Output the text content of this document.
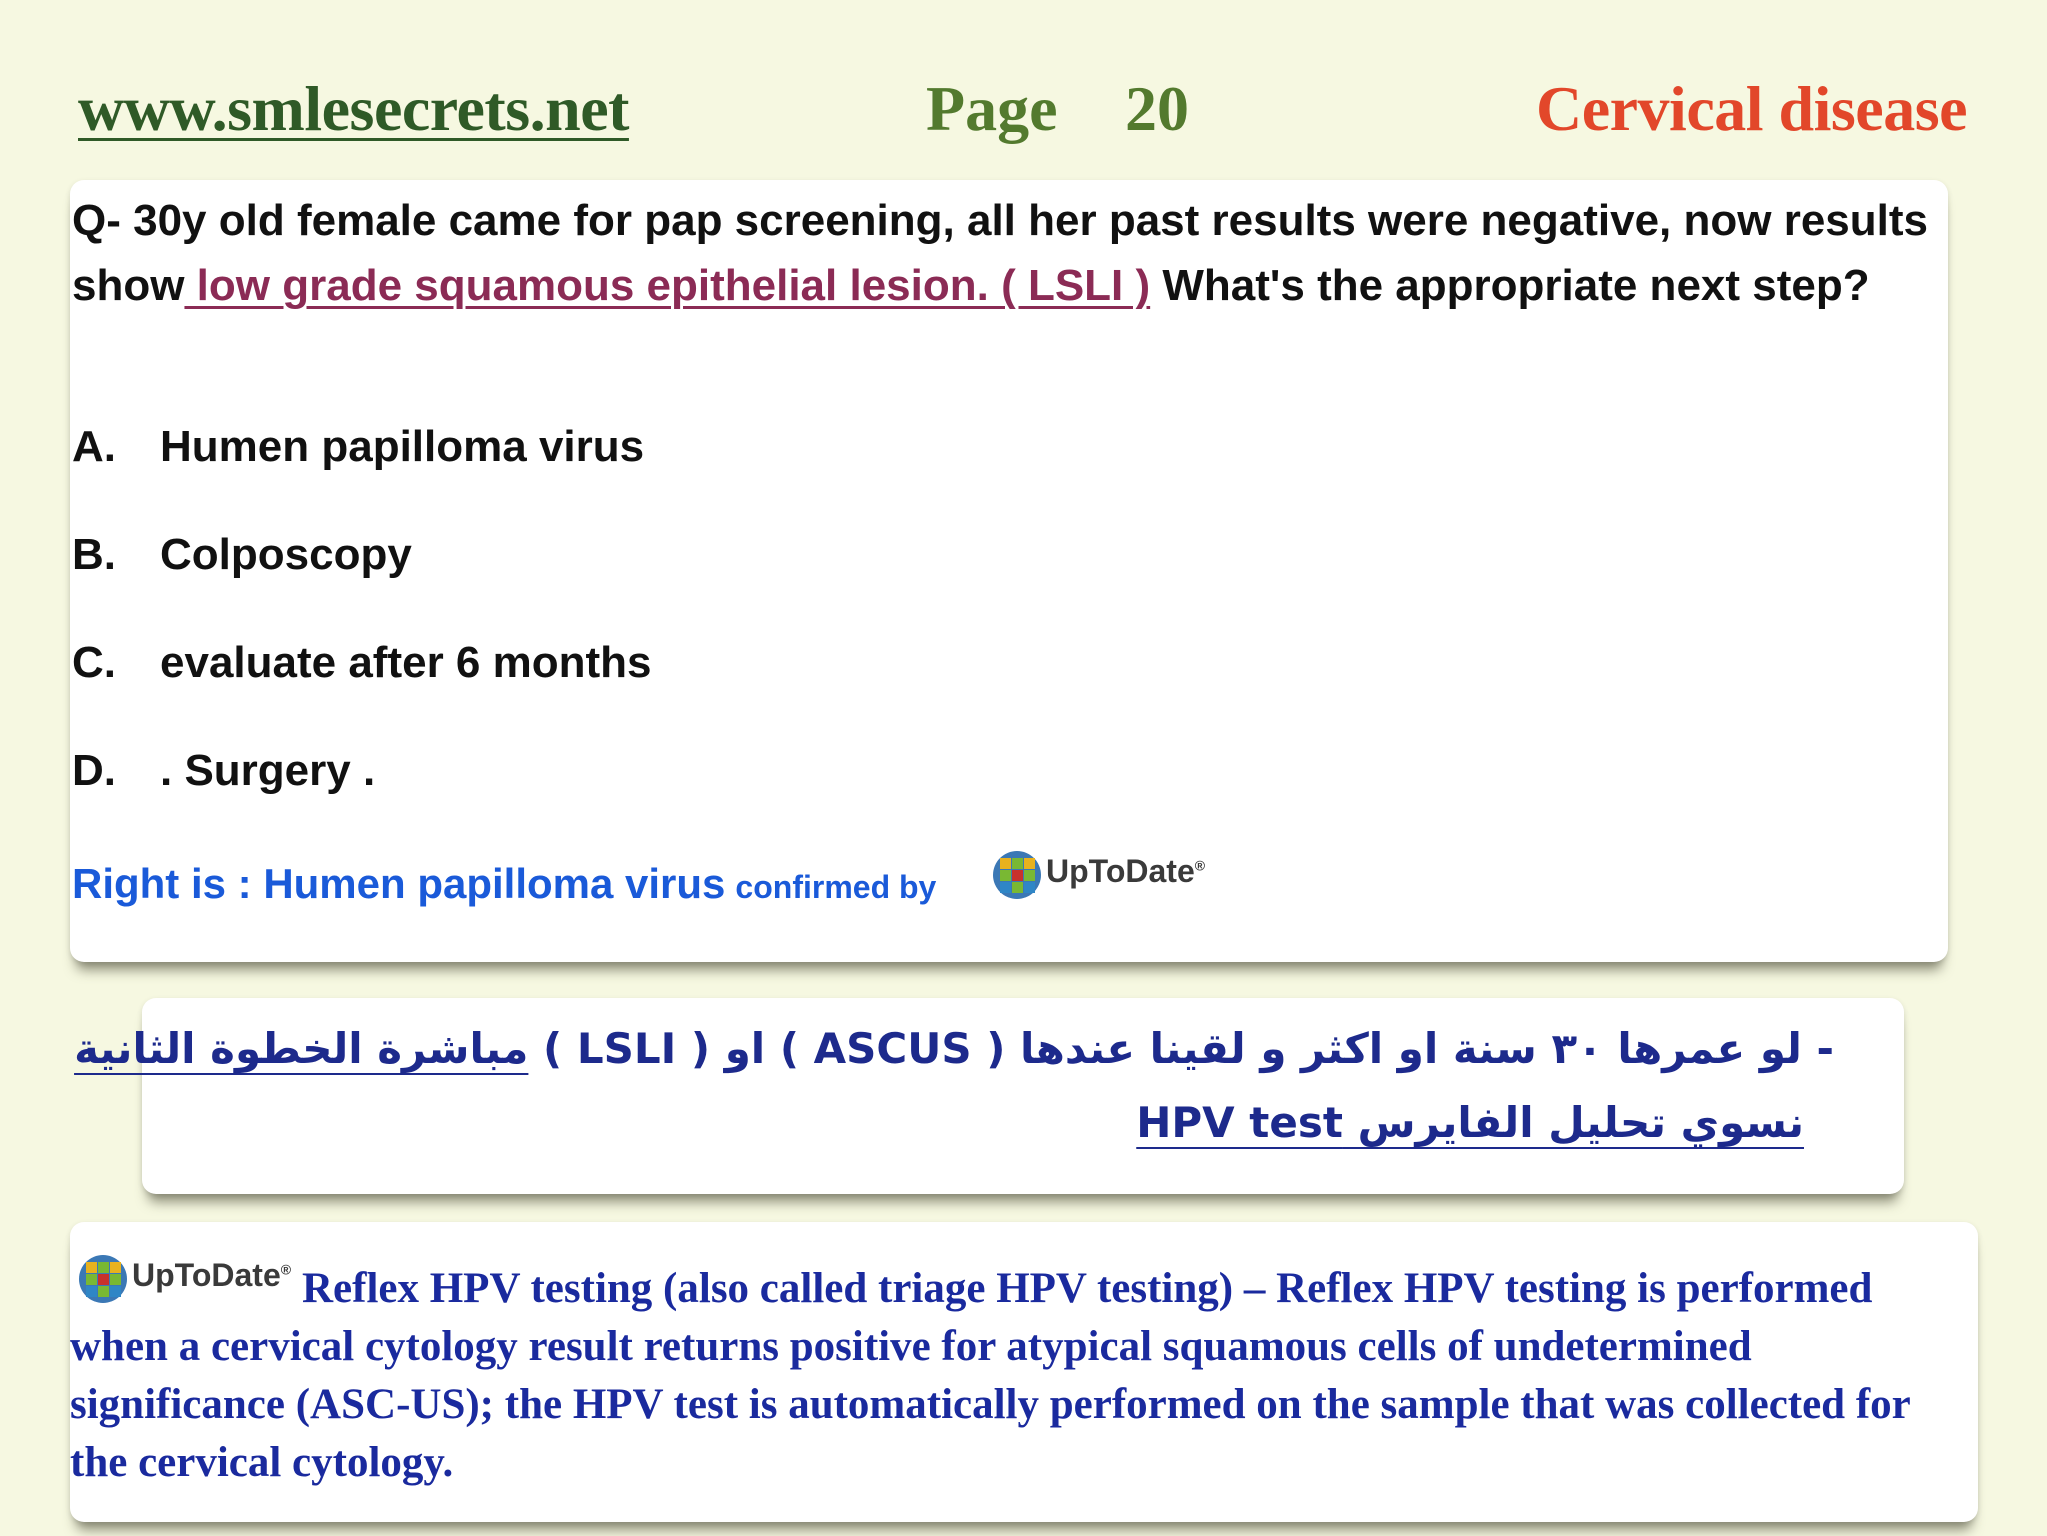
www.smlesecrets.net	Page 20	Cervical disease
Q- 30y old female came for pap screening, all her past results were negative, now results show low grade squamous epithelial lesion. ( LSLI ) What's the appropriate next step?
A. Humen papilloma virus
B. Colposcopy
C. evaluate after 6 months
D. . Surgery .
Right is : Humen papilloma virus confirmed by	UpToDate®
- لو عمرها ٣٠ سنة او اكثر و لقينا عندها ( ASCUS ) او ( LSLI ) مباشرة الخطوة الثانية
نسوي تحليل الفايرس HPV test
UpToDate® Reflex HPV testing (also called triage HPV testing) – Reflex HPV testing is performed when a cervical cytology result returns positive for atypical squamous cells of undetermined significance (ASC-US); the HPV test is automatically performed on the sample that was collected for the cervical cytology.
